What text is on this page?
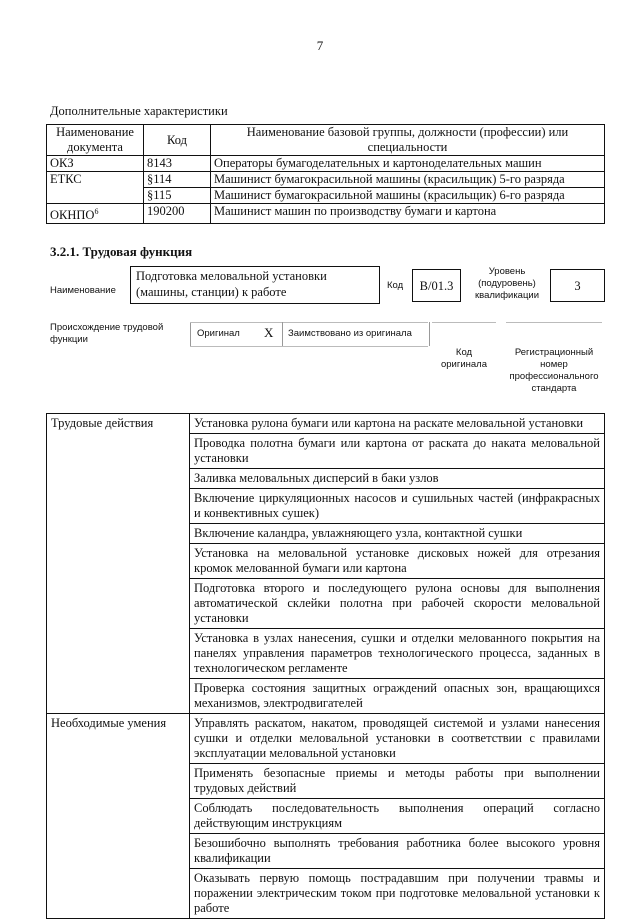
7
Дополнительные характеристики
Наименование документа	Код	Наименование базовой группы, должности (профессии) или специальности
ОКЗ	8143	Операторы бумагоделательных и картоноделательных машин
ЕТКС	§114	Машинист бумагокрасильной машины (красильщик) 5-го разряда
	§115	Машинист бумагокрасильной машины (красильщик) 6-го разряда
ОКНПО$^6$	190200	Машинист машин по производству бумаги и картона
3.2.1. Трудовая функция
Наименование
Подготовка меловальной установки (машины, станции) к работе	Код	B/01.3
Уровень (подуровень) квалификации
3
Происхождение трудовой функции
Оригинал X Заимствовано из оригинала
Код оригинала
Регистрационный номер профессионального стандарта
Трудовые действия	Установка рулона бумаги или картона на раскате меловальной установки
	Проводка полотна бумаги или картона от раската до наката меловальной установки
	Заливка меловальных дисперсий в баки узлов
	Включение циркуляционных насосов и сушильных частей (инфракрасных и конвективных сушек)
	Включение каландра, увлажняющего узла, контактной сушки
	Установка на меловальной установке дисковых ножей для отрезания кромок мелованной бумаги или картона
	Подготовка второго и последующего рулона основы для выполнения автоматической склейки полотна при рабочей скорости меловальной установки
	Установка в узлах нанесения, сушки и отделки мелованного покрытия на панелях управления параметров технологического процесса, заданных в технологическом регламенте
	Проверка состояния защитных ограждений опасных зон, вращающихся механизмов, электродвигателей
Необходимые умения	Управлять раскатом, накатом, проводящей системой и узлами нанесения сушки и отделки меловальной установки в соответствии с правилами эксплуатации меловальной установки
	Применять безопасные приемы и методы работы при выполнении трудовых действий
	Соблюдать последовательность выполнения операций согласно действующим инструкциям
	Безошибочно выполнять требования работника более высокого уровня квалификации
	Оказывать первую помощь пострадавшим при получении травмы и поражении электрическим током при подготовке меловальной установки к работе
